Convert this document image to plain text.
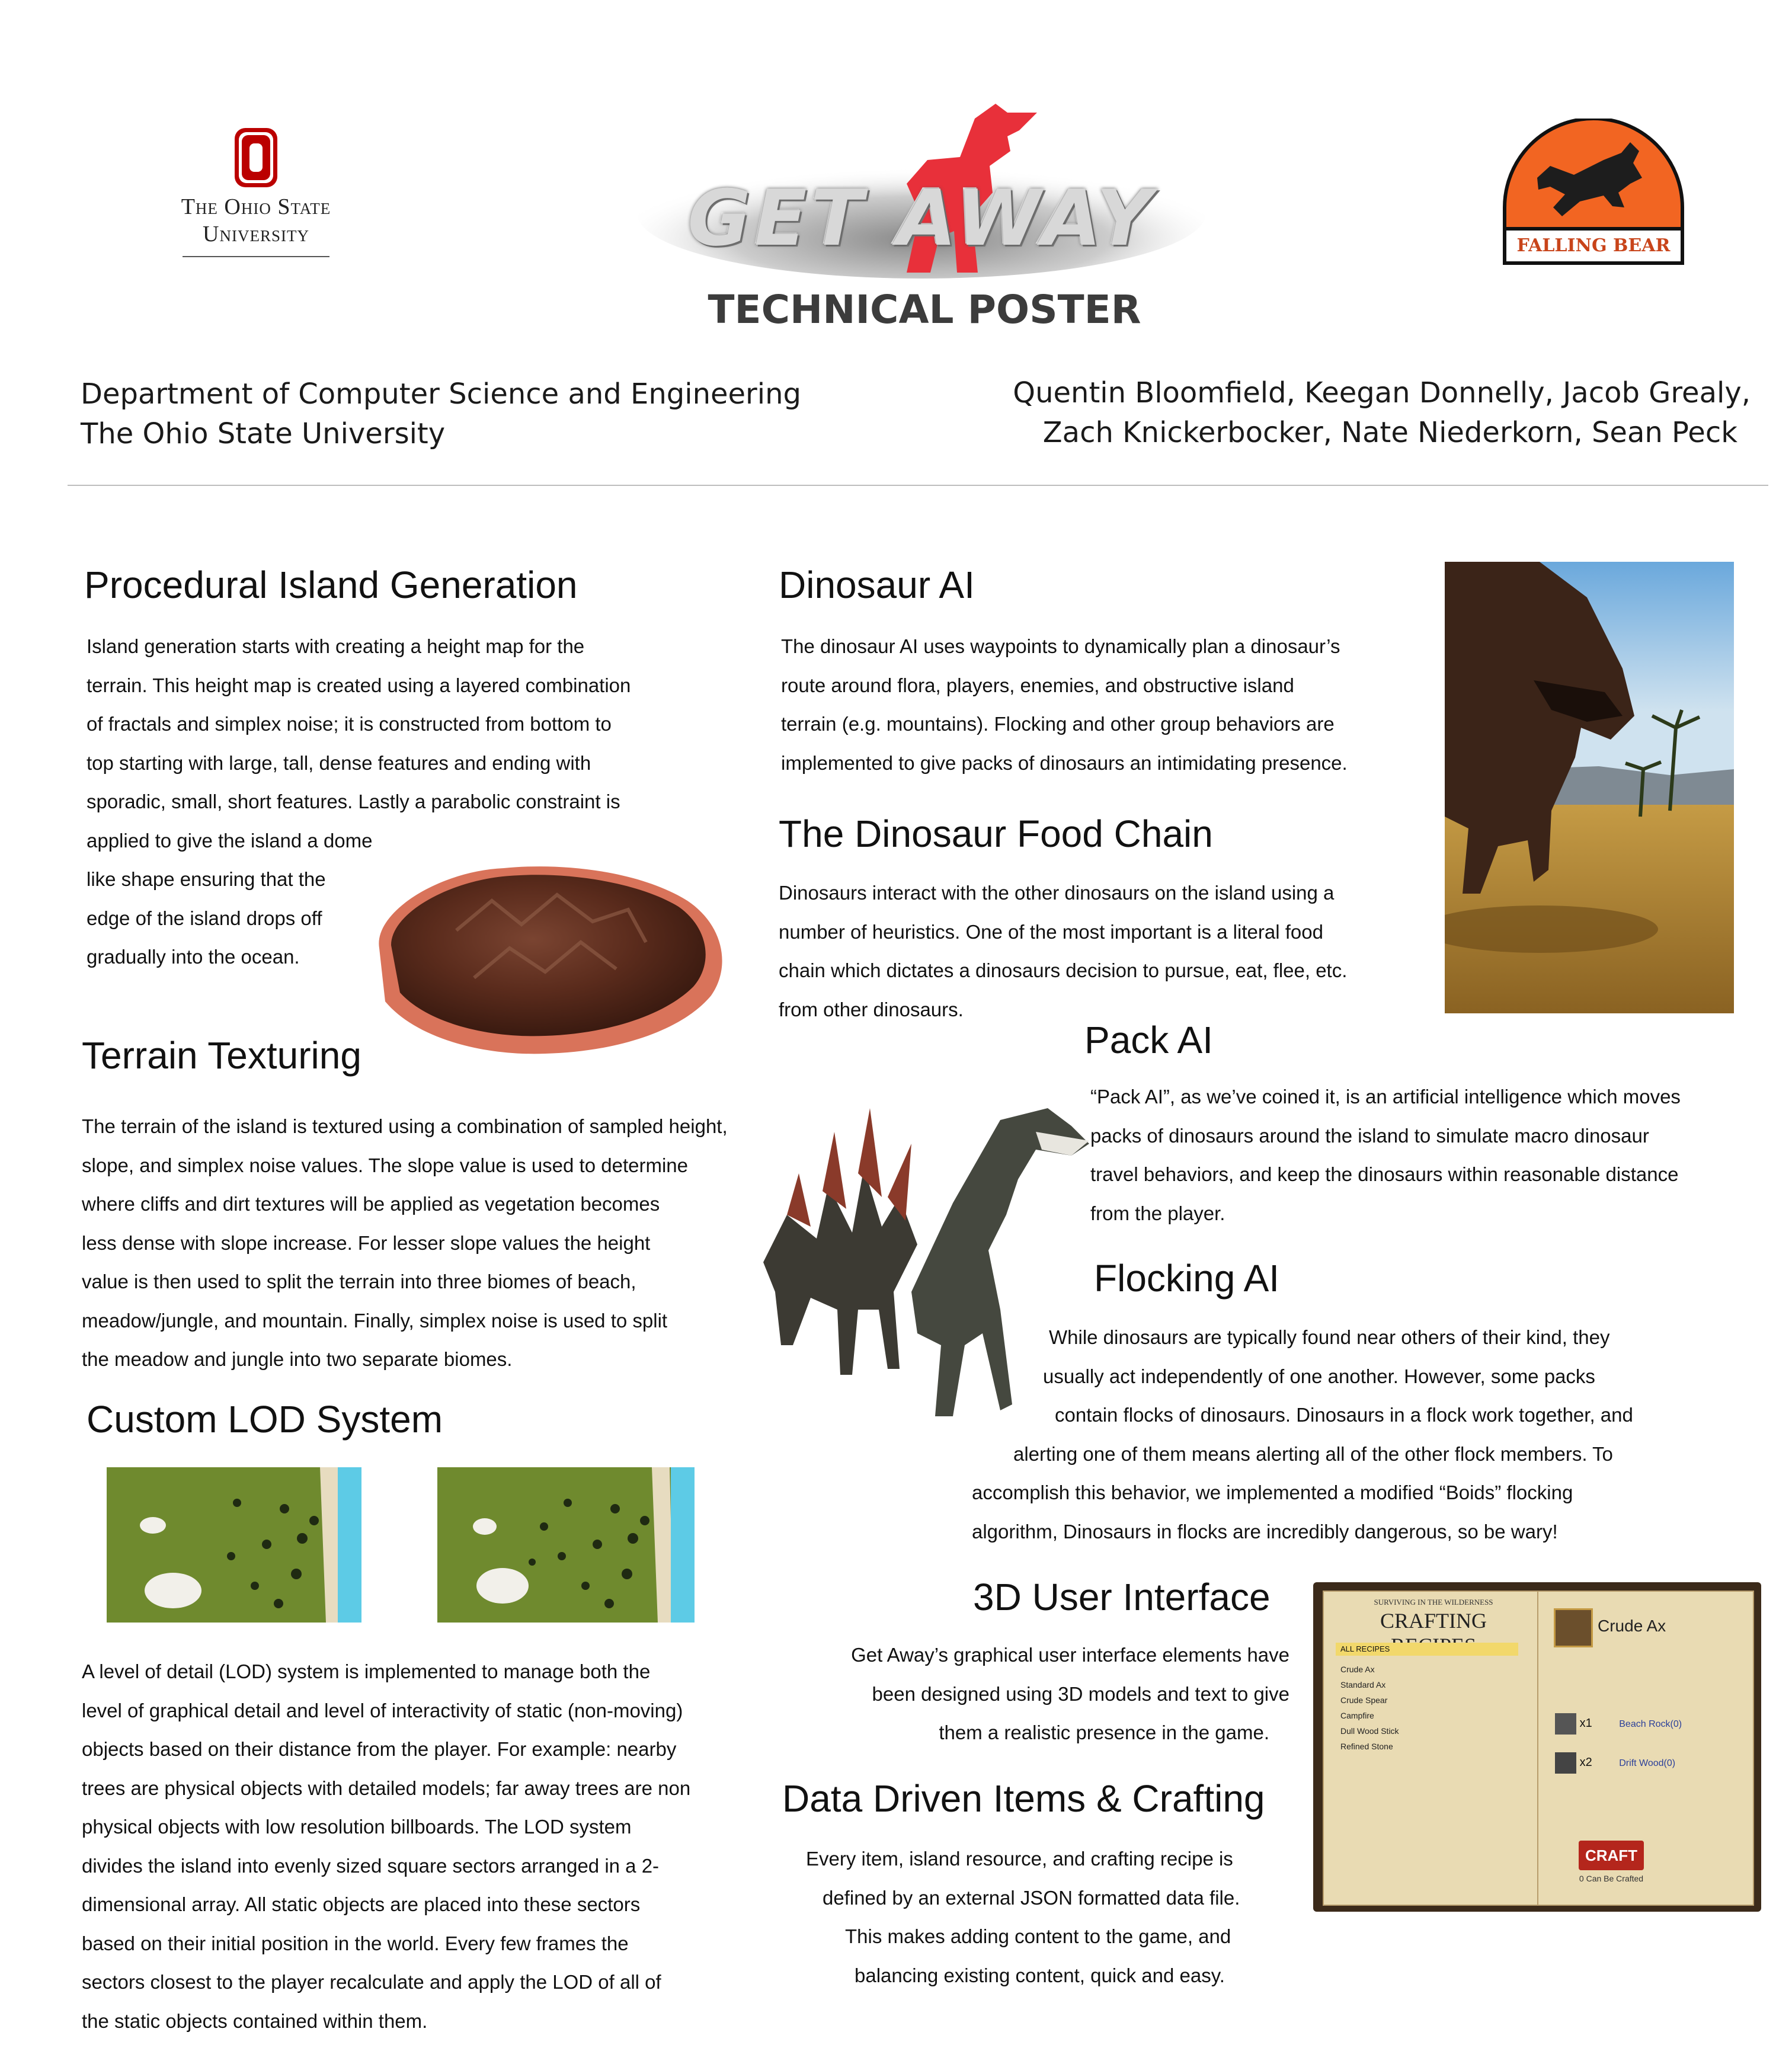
The Ohio State
University	GET AWAY
TECHNICAL POSTER
FALLING BEAR
Department of Computer Science and Engineering
The Ohio State University
Quentin Bloomfield, Keegan Donnelly, Jacob Grealy,
Zach Knickerbocker, Nate Niederkorn, Sean Peck
Procedural Island Generation

Island generation starts with creating a height map for the

terrain. This height map is created using a layered combination

of fractals and simplex noise; it is constructed from bottom to

top starting with large, tall, dense features and ending with

sporadic, small, short features. Lastly a parabolic constraint is

applied to give the island a dome

like shape ensuring that the

edge of the island drops off

gradually into the ocean.

Terrain Texturing

The terrain of the island is textured using a combination of sampled height,

slope, and simplex noise values. The slope value is used to determine

where cliffs and dirt textures will be applied as vegetation becomes

less dense with slope increase. For lesser slope values the height

value is then used to split the terrain into three biomes of beach,

meadow/jungle, and mountain. Finally, simplex noise is used to split

the meadow and jungle into two separate biomes.

Custom LOD System

A level of detail (LOD) system is implemented to manage both the

level of graphical detail and level of interactivity of static (non-moving)

objects based on their distance from the player. For example: nearby

trees are physical objects with detailed models; far away trees are non

physical objects with low resolution billboards. The LOD system

divides the island into evenly sized square sectors arranged in a 2-

dimensional array. All static objects are placed into these sectors

based on their initial position in the world. Every few frames the

sectors closest to the player recalculate and apply the LOD of all of

the static objects contained within them.

Dinosaur AI

The dinosaur AI uses waypoints to dynamically plan a dinosaur’s

route around flora, players, enemies, and obstructive island

terrain (e.g. mountains). Flocking and other group behaviors are

implemented to give packs of dinosaurs an intimidating presence.

The Dinosaur Food Chain

Dinosaurs interact with the other dinosaurs on the island using a

number of heuristics. One of the most important is a literal food

chain which dictates a dinosaurs decision to pursue, eat, flee, etc.

from other dinosaurs.

Pack AI

“Pack AI”, as we’ve coined it, is an artificial intelligence which moves

packs of dinosaurs around the island to simulate macro dinosaur

travel behaviors, and keep the dinosaurs within reasonable distance

from the player.

Flocking AI

While dinosaurs are typically found near others of their kind, they

usually act independently of one another. However, some packs

contain flocks of dinosaurs. Dinosaurs in a flock work together, and

alerting one of them means alerting all of the other flock members. To

accomplish this behavior, we implemented a modified “Boids” flocking

algorithm, Dinosaurs in flocks are incredibly dangerous, so be wary!

3D User Interface

Get Away’s graphical user interface elements have

been designed using 3D models and text to give

them a realistic presence in the game.

Data Driven Items & Crafting

Every item, island resource, and crafting recipe is

defined by an external JSON formatted data file.

This makes adding content to the game, and

balancing existing content, quick and easy.

SURVIVING IN THE WILDERNESS
CRAFTING
ALL RECIPES
Crude Ax
Standard Ax
Crude Spear
Campfire
Dull Wood Stick
Refined Stone
Crude Ax
x1	Beach Rock(0)
x2	Drift Wood(0)
CRAFT
0 Can Be Crafted
